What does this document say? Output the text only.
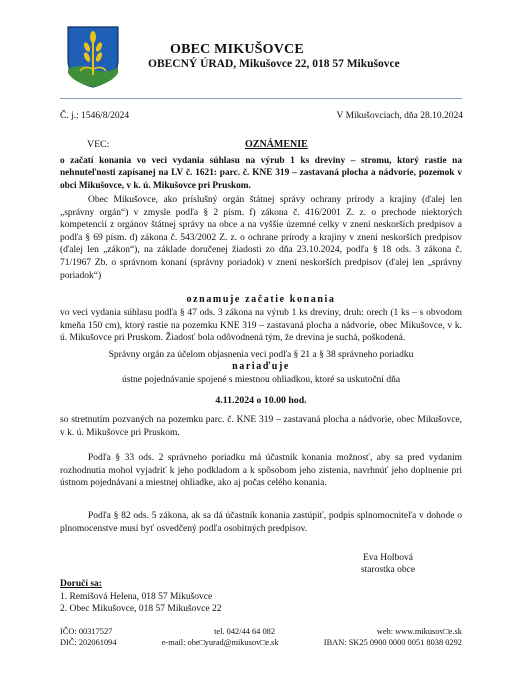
OBEC MIKUŠOVCE
OBECNÝ ÚRAD, Mikušovce 22, 018 57 Mikušovce
Č. j.: 1546/8/2024	V Mikušovciach, dňa 28.10.2024
VEC:	OZNÁMENIE
o začatí konania vo veci vydania súhlasu na výrub 1 ks dreviny – stromu, ktorý rastie na nehnuteľnosti zapísanej na LV č. 1621: parc. č. KNE 319 – zastavaná plocha a nádvorie, pozemok v obci Mikušovce, v k. ú. Mikušovce pri Pruskom.
Obec Mikušovce, ako príslušný orgán štátnej správy ochrany prírody a krajiny (ďalej len „správny orgán“) v zmysle podľa § 2 písm. f) zákona č. 416/2001 Z. z. o prechode niektorých kompetencií z orgánov štátnej správy na obce a na vyššie územné celky v znení neskorších predpisov a podľa § 69 písm. d) zákona č. 543/2002 Z. z. o ochrane prírody a krajiny v znení neskorších predpisov (ďalej len „zákon“), na základe doručenej žiadosti zo dňa 23.10.2024, podľa § 18 ods. 3 zákona č. 71/1967 Zb. o správnom konaní (správny poriadok) v znení neskorších predpisov (ďalej len „správny poriadok“)
oznamuje začatie konania
vo veci vydania súhlasu podľa § 47 ods. 3 zákona na výrub 1 ks dreviny, druh: orech (1 ks – s obvodom kmeňa 150 cm), ktorý rastie na pozemku KNE 319 – zastavaná plocha a nádvorie, obec Mikušovce, v k. ú. Mikušovce pri Pruskom. Žiadosť bola odôvodnená tým, že drevina je suchá, poškodená.
Správny orgán za účelom objasnenia veci podľa § 21 a § 38 správneho poriadku
nariaďuje
ústne pojednávanie spojené s miestnou ohliadkou, ktoré sa uskutoční dňa
4.11.2024 o 10.00 hod.
so stretnutím pozvaných na pozemku parc. č. KNE 319 – zastavaná plocha a nádvorie, obec Mikušovce, v k. ú. Mikušovce pri Pruskom.
Podľa § 33 ods. 2 správneho poriadku má účastník konania možnosť, aby sa pred vydaním rozhodnutia mohol vyjadriť k jeho podkladom a k spôsobom jeho zistenia, navrhnúť jeho doplnenie pri ústnom pojednávaní a miestnej ohliadke, ako aj počas celého konania.
Podľa § 82 ods. 5 zákona, ak sa dá účastník konania zastúpiť, podpis splnomocniteľa v dohode o plnomocenstve musí byť osvedčený podľa osobitných predpisov.
Eva Holbová
starostka obce
Doručí sa:
1. Remišová Helena, 018 57 Mikušovce
2. Obec Mikušovce, 018 57 Mikušovce 22
IČO: 00317527	tel. 042/44 64 082	web: www.mikusov□e.sk
DIČ: 202061094	e-mail: obe□yurad@mikusov□e.sk	IBAN: SK25 0900 0000 0051 8038 0292
